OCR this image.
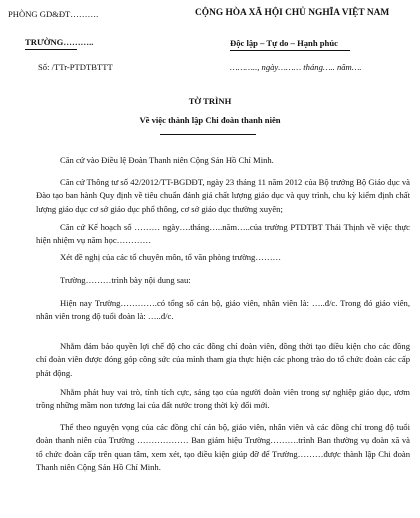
PHÒNG GD&ĐT……….
TRƯỜNG………..
Số: /TTr-PTDTBTTT
CỘNG HÒA XÃ HỘI CHỦ NGHĨA VIỆT NAM
Độc lập – Tự do – Hạnh phúc
……….., ngày……… tháng….. năm….
TỜ TRÌNH
Về việc thành lập Chi đoàn thanh niên
Căn cứ vào Điều lệ Đoàn Thanh niên Cộng Sản Hồ Chí Minh.
Căn cứ Thông tư số 42/2012/TT-BGDĐT, ngày 23 tháng 11 năm 2012 của Bộ trưởng Bộ Giáo dục và Đào tạo ban hành Quy định về tiêu chuẩn đánh giá chất lượng giáo dục và quy trình, chu kỳ kiểm định chất lượng giáo dục cơ sở giáo dục phổ thông, cơ sở giáo dục thường xuyên;
Căn cứ Kế hoạch số ……… ngày….tháng…..năm…..của trường PTDTBT Thái Thịnh về việc thực hiện nhiệm vụ năm học…………
Xét đề nghị của các tổ chuyên môn, tổ văn phòng trường………
Trường………trình bày nội dung sau:
Hiện nay Trường………….có tổng số cán bộ, giáo viên, nhân viên là: …..đ/c. Trong đó giáo viên, nhân viên trong độ tuổi đoàn là: …..đ/c.
Nhằm đảm bảo quyền lợi chế độ cho các đồng chí đoàn viên, đồng thời tạo điều kiện cho các đồng chí đoàn viên được đóng góp công sức của mình tham gia thực hiện các phong trào do tổ chức đoàn các cấp phát động.
Nhằm phát huy vai trò, tính tích cực, sáng tạo của người đoàn viên trong sự nghiệp giáo dục, ươm trồng những mầm non tương lai của đất nước trong thời kỳ đổi mới.
Thể theo nguyện vọng của các đồng chí cán bộ, giáo viên, nhân viên và các đồng chí trong độ tuổi đoàn thanh niên của Trường ……………… Ban giám hiệu Trường……….trình Ban thường vụ đoàn xã và tổ chức đoàn cấp trên quan tâm, xem xét, tạo điều kiện giúp đỡ để Trường………được thành lập Chi đoàn Thanh niên Cộng Sản Hồ Chí Minh.
